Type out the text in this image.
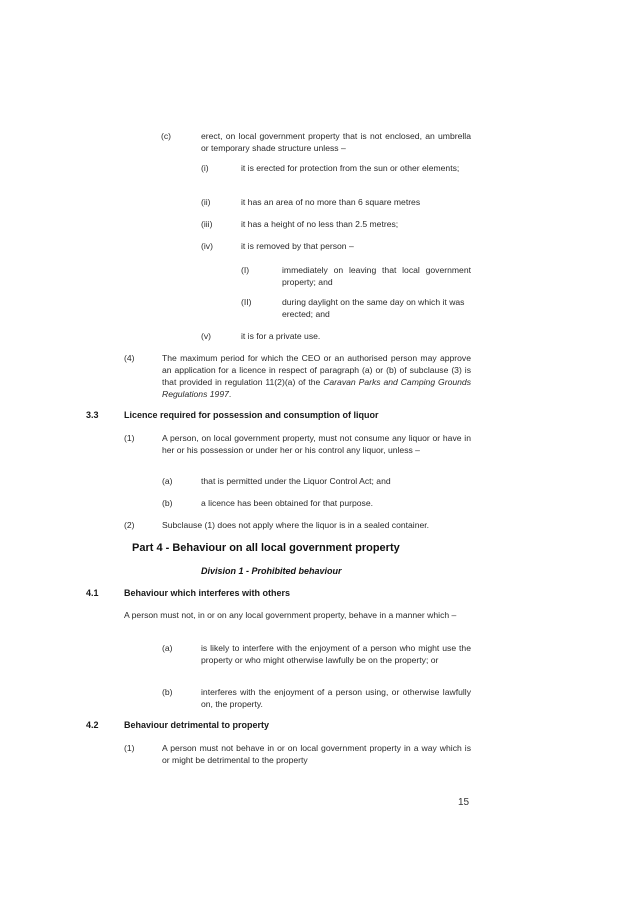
(c)	erect, on local government property that is not enclosed, an umbrella or temporary shade structure unless –
(i)	it is erected for protection from the sun or other elements;
(ii)	it has an area of no more than 6 square metres
(iii)	it has a height of no less than 2.5 metres;
(iv)	it is removed by that person –
(I)	immediately on leaving that local government property; and
(II)	during daylight on the same day on which it was erected; and
(v)	it is for a private use.
(4)	The maximum period for which the CEO or an authorised person may approve an application for a licence in respect of paragraph (a) or (b) of subclause (3) is that provided in regulation 11(2)(a) of the Caravan Parks and Camping Grounds Regulations 1997.
3.3	Licence required for possession and consumption of liquor
(1)	A person, on local government property, must not consume any liquor or have in her or his possession or under her or his control any liquor, unless –
(a)	that is permitted under the Liquor Control Act; and
(b)	a licence has been obtained for that purpose.
(2)	Subclause (1) does not apply where the liquor is in a sealed container.
Part 4 - Behaviour on all local government property
Division 1 - Prohibited behaviour
4.1	Behaviour which interferes with others
A person must not, in or on any local government property, behave in a manner which –
(a)	is likely to interfere with the enjoyment of a person who might use the property or who might otherwise lawfully be on the property; or
(b)	interferes with the enjoyment of a person using, or otherwise lawfully on, the property.
4.2	Behaviour detrimental to property
(1)	A person must not behave in or on local government property in a way which is or might be detrimental to the property
15
